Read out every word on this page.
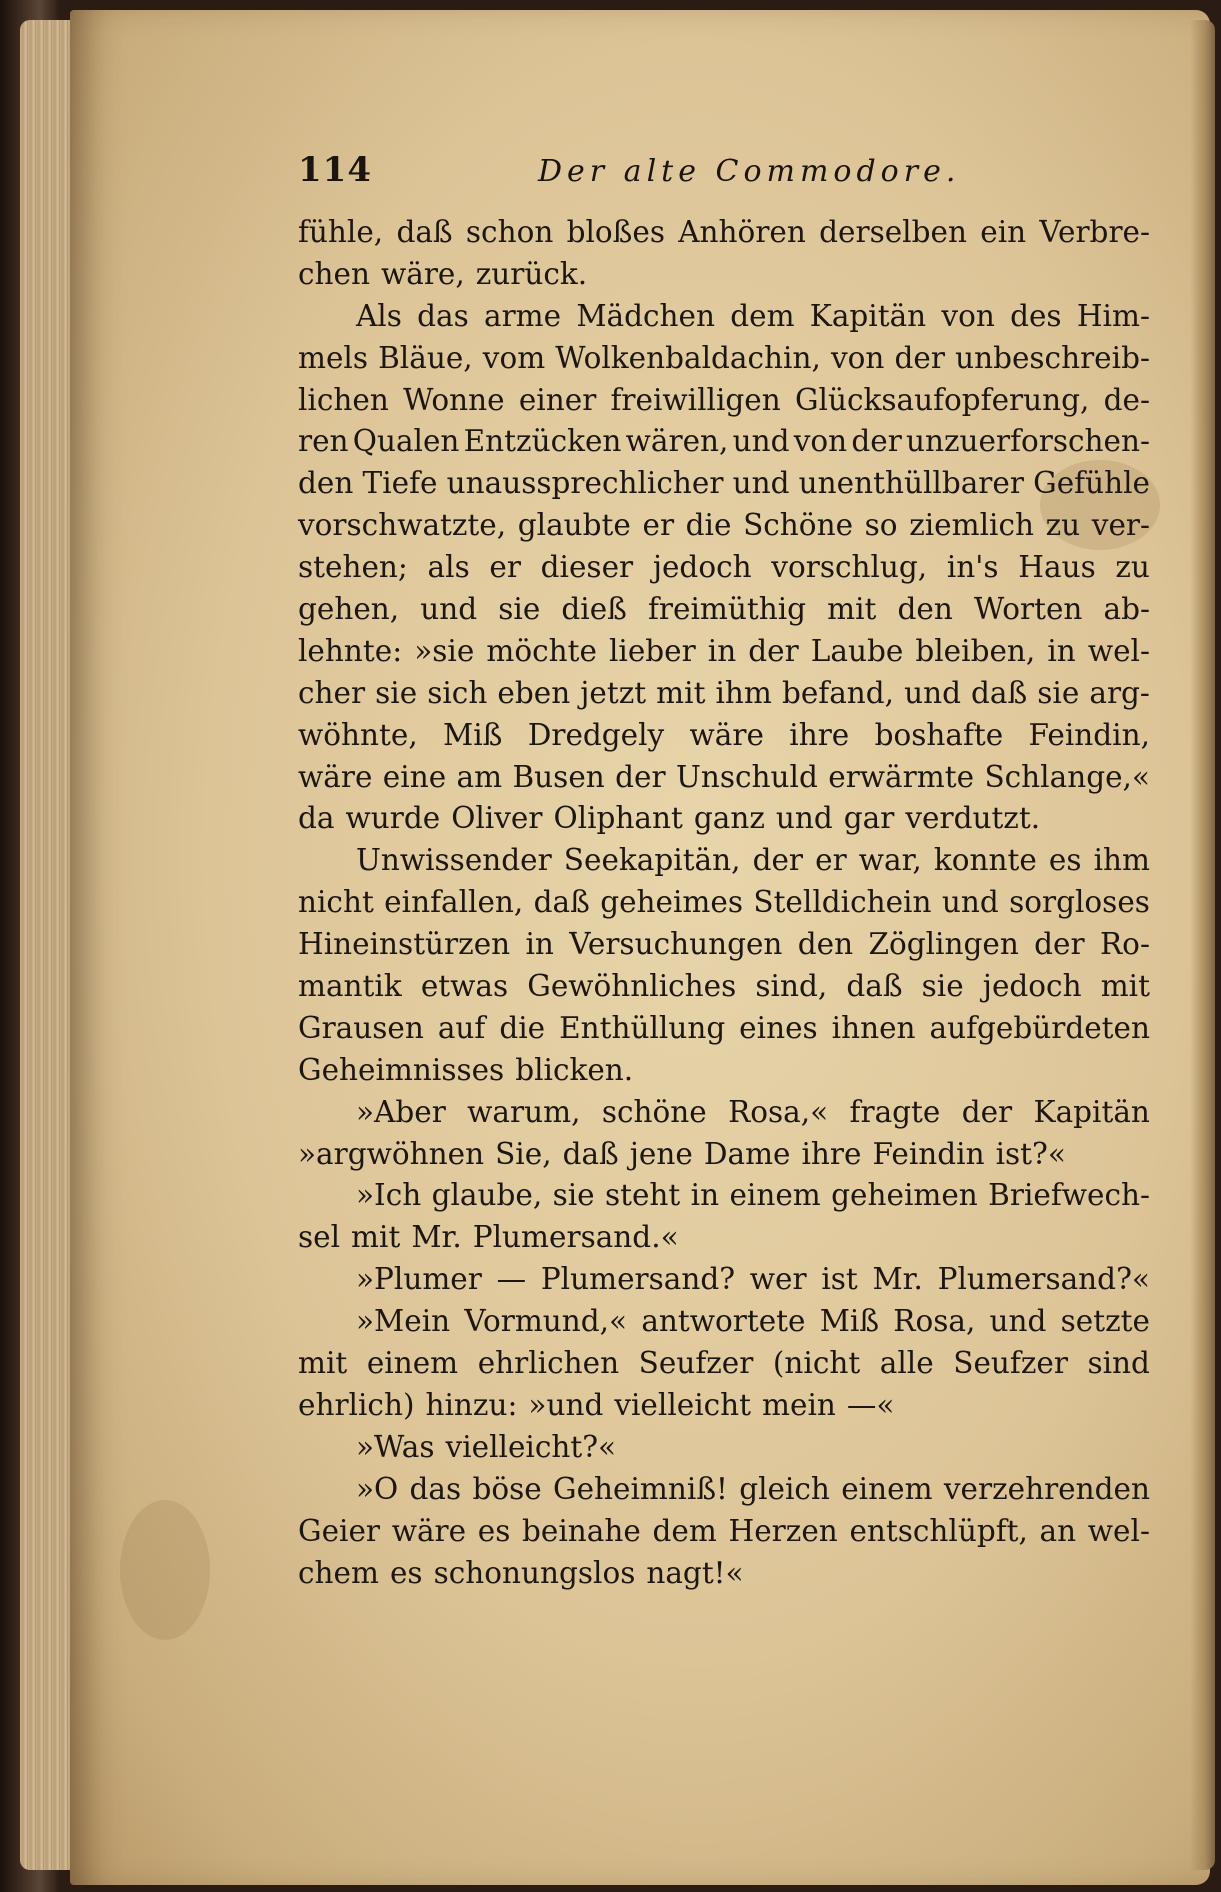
114	Der alte Commodore.
fühle, daß schon bloßes Anhören derselben ein Verbre-
chen wäre, zurück.
Als das arme Mädchen dem Kapitän von des Him-
mels Bläue, vom Wolkenbaldachin, von der unbeschreib-
lichen Wonne einer freiwilligen Glücksaufopferung, de-
ren Qualen Entzücken wären, und von der unzuerforschen-
den Tiefe unaussprechlicher und unenthüllbarer Gefühle
vorschwatzte, glaubte er die Schöne so ziemlich zu ver-
stehen; als er dieser jedoch vorschlug, in's Haus zu
gehen, und sie dieß freimüthig mit den Worten ab-
lehnte: »sie möchte lieber in der Laube bleiben, in wel-
cher sie sich eben jetzt mit ihm befand, und daß sie arg-
wöhnte, Miß Dredgely wäre ihre boshafte Feindin,
wäre eine am Busen der Unschuld erwärmte Schlange,«
da wurde Oliver Oliphant ganz und gar verdutzt.
Unwissender Seekapitän, der er war, konnte es ihm
nicht einfallen, daß geheimes Stelldichein und sorgloses
Hineinstürzen in Versuchungen den Zöglingen der Ro-
mantik etwas Gewöhnliches sind, daß sie jedoch mit
Grausen auf die Enthüllung eines ihnen aufgebürdeten
Geheimnisses blicken.
»Aber warum, schöne Rosa,« fragte der Kapitän
»argwöhnen Sie, daß jene Dame ihre Feindin ist?«
»Ich glaube, sie steht in einem geheimen Briefwech-
sel mit Mr. Plumersand.«
»Plumer — Plumersand? wer ist Mr. Plumersand?«
»Mein Vormund,« antwortete Miß Rosa, und setzte
mit einem ehrlichen Seufzer (nicht alle Seufzer sind
ehrlich) hinzu: »und vielleicht mein —«
»Was vielleicht?«
»O das böse Geheimniß! gleich einem verzehrenden
Geier wäre es beinahe dem Herzen entschlüpft, an wel-
chem es schonungslos nagt!«
